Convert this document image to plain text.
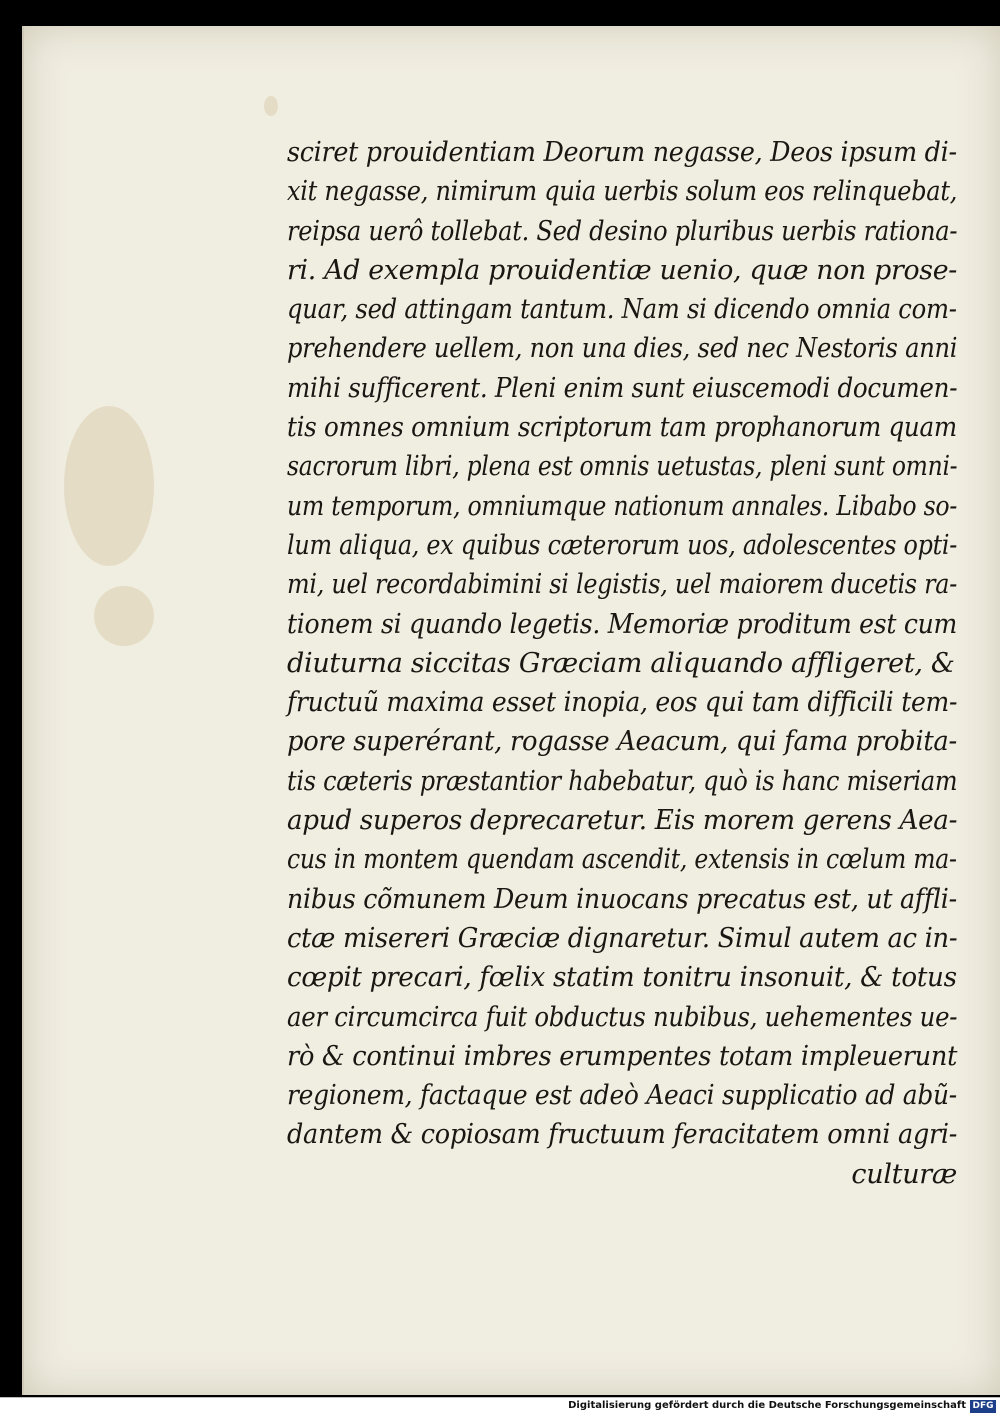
sciret prouidentiam Deorum negasse, Deos ipsum di-
xit negasse, nimirum quia uerbis solum eos relinquebat,
reipsa uerô tollebat. Sed desino pluribus uerbis rationa-
ri. Ad exempla prouidentiæ uenio, quæ non prose-
quar, sed attingam tantum. Nam si dicendo omnia com-
prehendere uellem, non una dies, sed nec Nestoris anni
mihi sufficerent. Pleni enim sunt eiuscemodi documen-
tis omnes omnium scriptorum tam prophanorum quam
sacrorum libri, plena est omnis uetustas, pleni sunt omni-
um temporum, omniumque nationum annales. Libabo so-
lum aliqua, ex quibus cæterorum uos, adolescentes opti-
mi, uel recordabimini si legistis, uel maiorem ducetis ra-
tionem si quando legetis. Memoriæ proditum est cum
diuturna siccitas Græciam aliquando affligeret, &
fructuũ maxima esset inopia, eos qui tam difficili tem-
pore superérant, rogasse Aeacum, qui fama probita-
tis cæteris præstantior habebatur, quò is hanc miseriam
apud superos deprecaretur. Eis morem gerens Aea-
cus in montem quendam ascendit, extensis in cœlum ma-
nibus cõmunem Deum inuocans precatus est, ut affli-
ctæ misereri Græciæ dignaretur. Simul autem ac in-
cœpit precari, fœlix statim tonitru insonuit, & totus
aer circumcirca fuit obductus nubibus, uehementes ue-
rò & continui imbres erumpentes totam impleuerunt
regionem, factaque est adeò Aeaci supplicatio ad abũ-
dantem & copiosam fructuum feracitatem omni agri-
culturæ
Digitalisierung gefördert durch die Deutsche Forschungsgemeinschaft DFG
